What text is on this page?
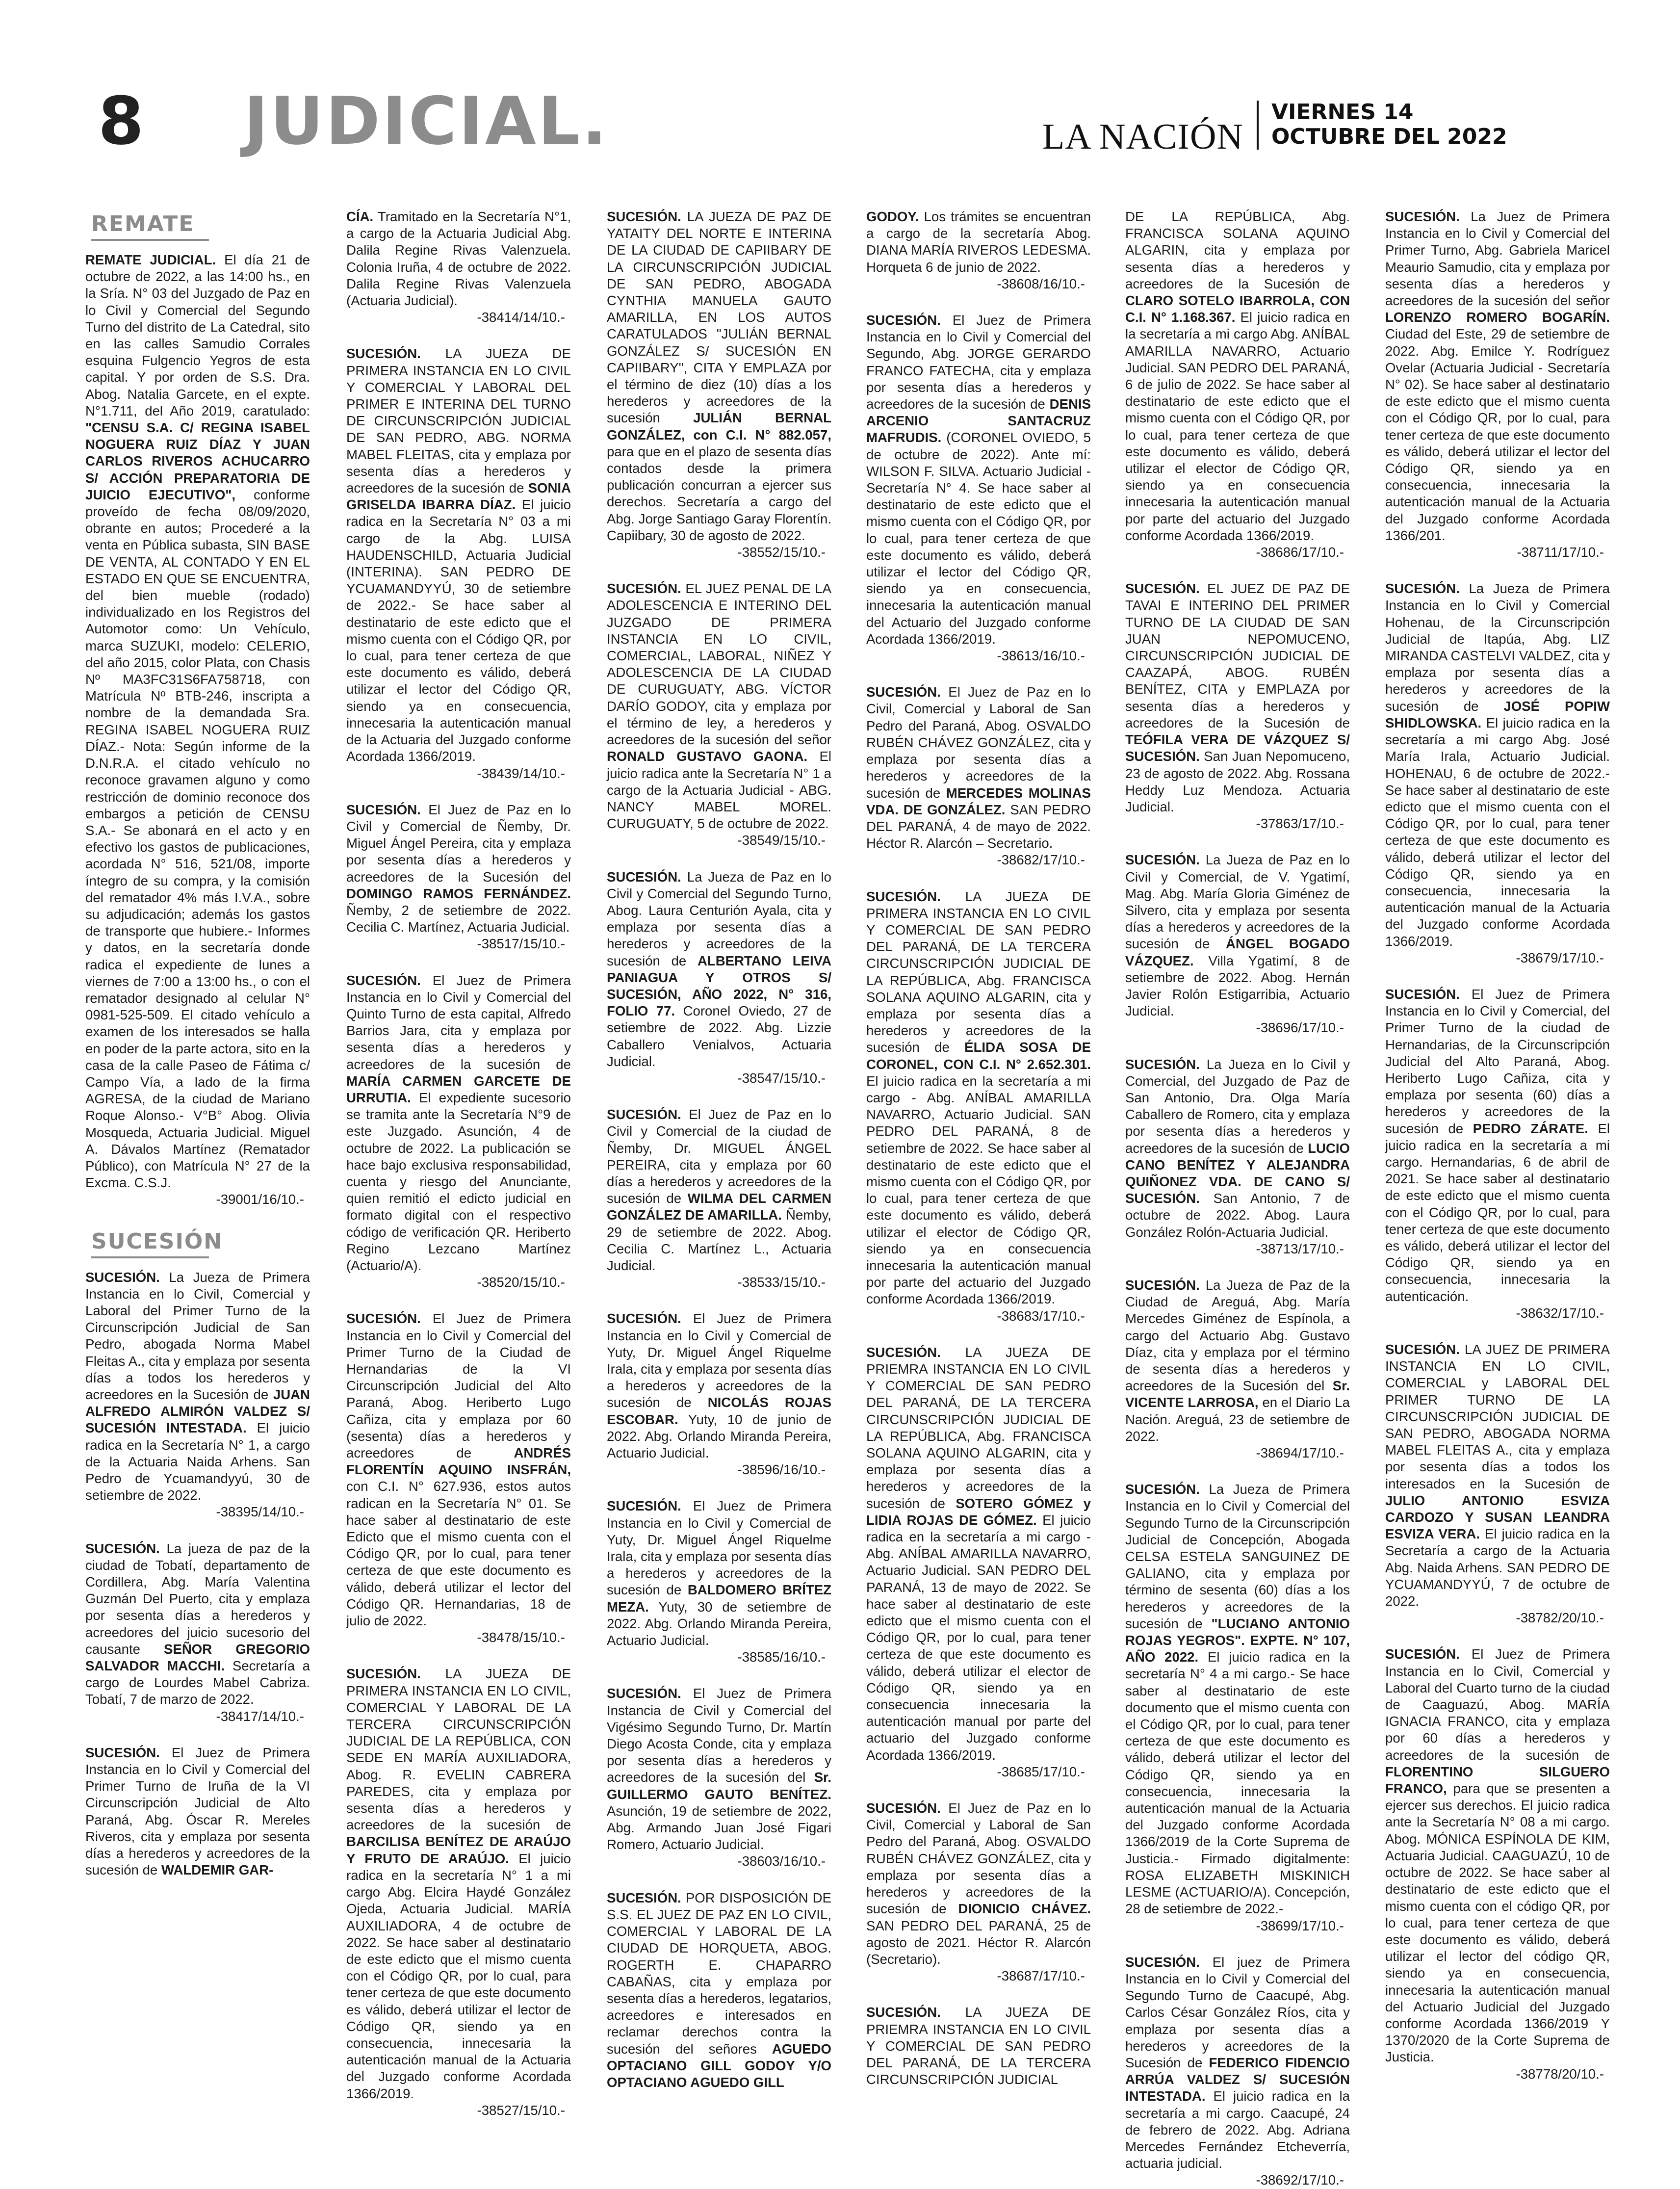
8 JUDICIAL.	LA NACIÓN
VIERNES 14
OCTUBRE DEL 2022
REMATE

REMATE JUDICIAL. El día 21 de octubre de 2022, a las 14:00 hs., en la Sría. N° 03 del Juzgado de Paz en lo Civil y Comercial del Segundo Turno del distrito de La Catedral, sito en las calles Samudio Corrales esquina Fulgencio Yegros de esta capital. Y por orden de S.S. Dra. Abog. Natalia Garcete, en el expte. N°1.711, del Año 2019, caratulado: "CENSU S.A. C/ REGINA ISABEL NOGUERA RUIZ DÍAZ Y JUAN CARLOS RIVEROS ACHUCARRO S/ ACCIÓN PREPARATORIA DE JUICIO EJECUTIVO", conforme proveído de fecha 08/09/2020, obrante en autos; Procederé a la venta en Pública subasta, SIN BASE DE VENTA, AL CONTADO Y EN EL ESTADO EN QUE SE ENCUENTRA, del bien mueble (rodado) individualizado en los Registros del Automotor como: Un Vehículo, marca SUZUKI, modelo: CELERIO, del año 2015, color Plata, con Chasis Nº MA3FC31S6FA758718, con Matrícula Nº BTB-246, inscripta a nombre de la demandada Sra. REGINA ISABEL NOGUERA RUIZ DÍAZ.- Nota: Según informe de la D.N.R.A. el citado vehículo no reconoce gravamen alguno y como restricción de dominio reconoce dos embargos a petición de CENSU S.A.- Se abonará en el acto y en efectivo los gastos de publicaciones, acordada N° 516, 521/08, importe íntegro de su compra, y la comisión del rematador 4% más I.V.A., sobre su adjudicación; además los gastos de transporte que hubiere.- Informes y datos, en la secretaría donde radica el expediente de lunes a viernes de 7:00 a 13:00 hs., o con el rematador designado al celular N° 0981-525-509. El citado vehículo a examen de los interesados se halla en poder de la parte actora, sito en la casa de la calle Paseo de Fátima c/ Campo Vía, a lado de la firma AGRESA, de la ciudad de Mariano Roque Alonso.- V°B° Abog. Olivia Mosqueda, Actuaria Judicial. Miguel A. Dávalos Martínez (Rematador Público), con Matrícula N° 27 de la Excma. C.S.J.
-39001/16/10.-

SUCESIÓN

SUCESIÓN. La Jueza de Primera Instancia en lo Civil, Comercial y Laboral del Primer Turno de la Circunscripción Judicial de San Pedro, abogada Norma Mabel Fleitas A., cita y emplaza por sesenta días a todos los herederos y acreedores en la Sucesión de JUAN ALFREDO ALMIRÓN VALDEZ S/ SUCESIÓN INTESTADA. El juicio radica en la Secretaría N° 1, a cargo de la Actuaria Naida Arhens. San Pedro de Ycuamandyyú, 30 de setiembre de 2022.
-38395/14/10.-

SUCESIÓN. La jueza de paz de la ciudad de Tobatí, departamento de Cordillera, Abg. María Valentina Guzmán Del Puerto, cita y emplaza por sesenta días a herederos y acreedores del juicio sucesorio del causante SEÑOR GREGORIO SALVADOR MACCHI. Secretaría a cargo de Lourdes Mabel Cabriza. Tobatí, 7 de marzo de 2022.
-38417/14/10.-

SUCESIÓN. El Juez de Primera Instancia en lo Civil y Comercial del Primer Turno de Iruña de la VI Circunscripción Judicial de Alto Paraná, Abg. Óscar R. Mereles Riveros, cita y emplaza por sesenta días a herederos y acreedores de la sucesión de WALDEMIR GAR-

CÍA. Tramitado en la Secretaría N°1, a cargo de la Actuaria Judicial Abg. Dalila Regine Rivas Valenzuela. Colonia Iruña, 4 de octubre de 2022. Dalila Regine Rivas Valenzuela (Actuaria Judicial).
-38414/14/10.-

SUCESIÓN. LA JUEZA DE PRIMERA INSTANCIA EN LO CIVIL Y COMERCIAL Y LABORAL DEL PRIMER E INTERINA DEL TURNO DE CIRCUNSCRIPCIÓN JUDICIAL DE SAN PEDRO, ABG. NORMA MABEL FLEITAS, cita y emplaza por sesenta días a herederos y acreedores de la sucesión de SONIA GRISELDA IBARRA DÍAZ. El juicio radica en la Secretaría N° 03 a mi cargo de la Abg. LUISA HAUDENSCHILD, Actuaria Judicial (INTERINA). SAN PEDRO DE YCUAMANDYYÚ, 30 de setiembre de 2022.- Se hace saber al destinatario de este edicto que el mismo cuenta con el Código QR, por lo cual, para tener certeza de que este documento es válido, deberá utilizar el lector del Código QR, siendo ya en consecuencia, innecesaria la autenticación manual de la Actuaria del Juzgado conforme Acordada 1366/2019.
-38439/14/10.-

SUCESIÓN. El Juez de Paz en lo Civil y Comercial de Ñemby, Dr. Miguel Ángel Pereira, cita y emplaza por sesenta días a herederos y acreedores de la Sucesión del DOMINGO RAMOS FERNÁNDEZ. Ñemby, 2 de setiembre de 2022. Cecilia C. Martínez, Actuaria Judicial.
-38517/15/10.-

SUCESIÓN. El Juez de Primera Instancia en lo Civil y Comercial del Quinto Turno de esta capital, Alfredo Barrios Jara, cita y emplaza por sesenta días a herederos y acreedores de la sucesión de MARÍA CARMEN GARCETE DE URRUTIA. El expediente sucesorio se tramita ante la Secretaría N°9 de este Juzgado. Asunción, 4 de octubre de 2022. La publicación se hace bajo exclusiva responsabilidad, cuenta y riesgo del Anunciante, quien remitió el edicto judicial en formato digital con el respectivo código de verificación QR. Heriberto Regino Lezcano Martínez (Actuario/A).
-38520/15/10.-

SUCESIÓN. El Juez de Primera Instancia en lo Civil y Comercial del Primer Turno de la Ciudad de Hernandarias de la VI Circunscripción Judicial del Alto Paraná, Abog. Heriberto Lugo Cañiza, cita y emplaza por 60 (sesenta) días a herederos y acreedores de	ANDRÉS FLORENTÍN AQUINO INSFRÁN, con C.I. N° 627.936, estos autos radican en la Secretaría N° 01. Se hace saber al destinatario de este Edicto que el mismo cuenta con el Código QR, por lo cual, para tener certeza de que este documento es válido, deberá utilizar el lector del Código QR. Hernandarias, 18 de julio de 2022.
-38478/15/10.-

SUCESIÓN. LA JUEZA DE PRIMERA INSTANCIA EN LO CIVIL, COMERCIAL Y LABORAL DE LA TERCERA CIRCUNSCRIPCIÓN JUDICIAL DE LA REPÚBLICA, CON SEDE EN MARÍA AUXILIADORA, Abog. R. EVELIN CABRERA PAREDES, cita y emplaza por sesenta días a herederos y acreedores de la sucesión de BARCILISA BENÍTEZ DE ARAÚJO Y FRUTO DE ARAÚJO. El juicio radica en la secretaría N° 1 a mi cargo Abg. Elcira Haydé González Ojeda, Actuaria Judicial. MARÍA AUXILIADORA, 4 de octubre de 2022. Se hace saber al destinatario de este edicto que el mismo cuenta con el Código QR, por lo cual, para tener certeza de que este documento es válido, deberá utilizar el lector de Código QR, siendo ya en consecuencia, innecesaria la autenticación manual de la Actuaria del Juzgado conforme Acordada 1366/2019.
-38527/15/10.-

SUCESIÓN. LA JUEZA DE PAZ DE YATAITY DEL NORTE E INTERINA DE LA CIUDAD DE CAPIIBARY DE LA CIRCUNSCRIPCIÓN JUDICIAL DE SAN PEDRO, ABOGADA CYNTHIA MANUELA GAUTO AMARILLA, EN LOS AUTOS CARATULADOS "JULIÁN BERNAL GONZÁLEZ S/ SUCESIÓN EN CAPIIBARY", CITA Y EMPLAZA por el término de diez (10) días a los herederos y acreedores de la sucesión JULIÁN BERNAL GONZÁLEZ, con C.I. N° 882.057, para que en el plazo de sesenta días contados desde la primera publicación concurran a ejercer sus derechos. Secretaría a cargo del Abg. Jorge Santiago Garay Florentín. Capiibary, 30 de agosto de 2022.
-38552/15/10.-

SUCESIÓN. EL JUEZ PENAL DE LA ADOLESCENCIA E INTERINO DEL JUZGADO DE PRIMERA INSTANCIA EN LO CIVIL, COMERCIAL, LABORAL, NIÑEZ Y ADOLESCENCIA DE LA CIUDAD DE CURUGUATY, ABG. VÍCTOR DARÍO GODOY, cita y emplaza por el término de ley, a herederos y acreedores de la sucesión del señor RONALD GUSTAVO GAONA. El juicio radica ante la Secretaría N° 1 a cargo de la Actuaria Judicial - ABG. NANCY MABEL MOREL. CURUGUATY, 5 de octubre de 2022.
-38549/15/10.-

SUCESIÓN. La Jueza de Paz en lo Civil y Comercial del Segundo Turno, Abog. Laura Centurión Ayala, cita y emplaza por sesenta días a herederos y acreedores de la sucesión de ALBERTANO LEIVA PANIAGUA Y OTROS S/ SUCESIÓN, AÑO 2022, N° 316, FOLIO 77. Coronel Oviedo, 27 de setiembre de 2022. Abg. Lizzie Caballero Venialvos, Actuaria Judicial.
-38547/15/10.-

SUCESIÓN. El Juez de Paz en lo Civil y Comercial de la ciudad de Ñemby, Dr. MIGUEL ÁNGEL PEREIRA, cita y emplaza por 60 días a herederos y acreedores de la sucesión de WILMA DEL CARMEN GONZÁLEZ DE AMARILLA. Ñemby, 29 de setiembre de 2022. Abog. Cecilia C. Martínez L., Actuaria Judicial.
-38533/15/10.-

SUCESIÓN. El Juez de Primera Instancia en lo Civil y Comercial de Yuty, Dr. Miguel Ángel Riquelme Irala, cita y emplaza por sesenta días a herederos y acreedores de la sucesión de NICOLÁS ROJAS ESCOBAR. Yuty, 10 de junio de 2022. Abg. Orlando Miranda Pereira, Actuario Judicial.
-38596/16/10.-

SUCESIÓN. El Juez de Primera Instancia en lo Civil y Comercial de Yuty, Dr. Miguel Ángel Riquelme Irala, cita y emplaza por sesenta días a herederos y acreedores de la sucesión de BALDOMERO BRÍTEZ MEZA. Yuty, 30 de setiembre de 2022. Abg. Orlando Miranda Pereira, Actuario Judicial.
-38585/16/10.-

SUCESIÓN. El Juez de Primera Instancia de Civil y Comercial del Vigésimo Segundo Turno, Dr. Martín Diego Acosta Conde, cita y emplaza por sesenta días a herederos y acreedores de la sucesión del Sr. GUILLERMO GAUTO BENÍTEZ. Asunción, 19 de setiembre de 2022, Abg. Armando Juan José Figari Romero, Actuario Judicial.
-38603/16/10.-

SUCESIÓN. POR DISPOSICIÓN DE S.S. EL JUEZ DE PAZ EN LO CIVIL, COMERCIAL Y LABORAL DE LA CIUDAD DE HORQUETA, ABOG. ROGERTH E. CHAPARRO CABAÑAS, cita y emplaza por sesenta días a herederos, legatarios, acreedores e interesados en reclamar derechos contra la sucesión del señores AGUEDO OPTACIANO GILL GODOY Y/O OPTACIANO AGUEDO GILL

GODOY. Los trámites se encuentran a cargo de la secretaría Abog. DIANA MARÍA RIVEROS LEDESMA. Horqueta 6 de junio de 2022.
-38608/16/10.-

SUCESIÓN. El Juez de Primera Instancia en lo Civil y Comercial del Segundo, Abg. JORGE GERARDO FRANCO FATECHA, cita y emplaza por sesenta días a herederos y acreedores de la sucesión de DENIS ARCENIO SANTACRUZ MAFRUDIS. (CORONEL OVIEDO, 5 de octubre de 2022). Ante mí: WILSON F. SILVA. Actuario Judicial - Secretaría N° 4. Se hace saber al destinatario de este edicto que el mismo cuenta con el Código QR, por lo cual, para tener certeza de que este documento es válido, deberá utilizar el lector del Código QR, siendo ya en consecuencia, innecesaria la autenticación manual del Actuario del Juzgado conforme Acordada 1366/2019.
-38613/16/10.-

SUCESIÓN. El Juez de Paz en lo Civil, Comercial y Laboral de San Pedro del Paraná, Abog. OSVALDO RUBÉN CHÁVEZ GONZÁLEZ, cita y emplaza por sesenta días a herederos y acreedores de la sucesión de MERCEDES MOLINAS VDA. DE GONZÁLEZ. SAN PEDRO DEL PARANÁ, 4 de mayo de 2022. Héctor R. Alarcón – Secretario.
-38682/17/10.-

SUCESIÓN. LA JUEZA DE PRIMERA INSTANCIA EN LO CIVIL Y COMERCIAL DE SAN PEDRO DEL PARANÁ, DE LA TERCERA CIRCUNSCRIPCIÓN JUDICIAL DE LA REPÚBLICA, Abg. FRANCISCA SOLANA AQUINO ALGARIN, cita y emplaza por sesenta días a herederos y acreedores de la sucesión de ÉLIDA SOSA DE CORONEL, CON C.I. N° 2.652.301. El juicio radica en la secretaría a mi cargo - Abg. ANÍBAL AMARILLA NAVARRO, Actuario Judicial. SAN PEDRO DEL PARANÁ, 8 de setiembre de 2022. Se hace saber al destinatario de este edicto que el mismo cuenta con el Código QR, por lo cual, para tener certeza de que este documento es válido, deberá utilizar el elector de Código QR, siendo ya en consecuencia innecesaria la autenticación manual por parte del actuario del Juzgado conforme Acordada 1366/2019.
-38683/17/10.-

SUCESIÓN. LA JUEZA DE PRIEMRA INSTANCIA EN LO CIVIL Y COMERCIAL DE SAN PEDRO DEL PARANÁ, DE LA TERCERA CIRCUNSCRIPCIÓN JUDICIAL DE LA REPÚBLICA, Abg. FRANCISCA SOLANA AQUINO ALGARIN, cita y emplaza por sesenta días a herederos y acreedores de la sucesión de SOTERO GÓMEZ y LIDIA ROJAS DE GÓMEZ. El juicio radica en la secretaría a mi cargo - Abg. ANÍBAL AMARILLA NAVARRO, Actuario Judicial. SAN PEDRO DEL PARANÁ, 13 de mayo de 2022. Se hace saber al destinatario de este edicto que el mismo cuenta con el Código QR, por lo cual, para tener certeza de que este documento es válido, deberá utilizar el elector de Código QR, siendo ya en consecuencia innecesaria la autenticación manual por parte del actuario del Juzgado conforme Acordada 1366/2019.
-38685/17/10.-

SUCESIÓN. El Juez de Paz en lo Civil, Comercial y Laboral de San Pedro del Paraná, Abog. OSVALDO RUBÉN CHÁVEZ GONZÁLEZ, cita y emplaza por sesenta días a herederos y acreedores de la sucesión de DIONICIO CHÁVEZ. SAN PEDRO DEL PARANÁ, 25 de agosto de 2021. Héctor R. Alarcón (Secretario).
-38687/17/10.-

SUCESIÓN. LA JUEZA DE PRIEMRA INSTANCIA EN LO CIVIL Y COMERCIAL DE SAN PEDRO DEL PARANÁ, DE LA TERCERA CIRCUNSCRIPCIÓN JUDICIAL

DE LA REPÚBLICA, Abg. FRANCISCA SOLANA AQUINO ALGARIN, cita y emplaza por sesenta días a herederos y acreedores de la Sucesión de CLARO SOTELO IBARROLA, CON C.I. N° 1.168.367. El juicio radica en la secretaría a mi cargo Abg. ANÍBAL AMARILLA NAVARRO, Actuario Judicial. SAN PEDRO DEL PARANÁ, 6 de julio de 2022. Se hace saber al destinatario de este edicto que el mismo cuenta con el Código QR, por lo cual, para tener certeza de que este documento es válido, deberá utilizar el elector de Código QR, siendo ya en consecuencia innecesaria la autenticación manual por parte del actuario del Juzgado conforme Acordada 1366/2019.
-38686/17/10.-

SUCESIÓN. EL JUEZ DE PAZ DE TAVAI E INTERINO DEL PRIMER TURNO DE LA CIUDAD DE SAN JUAN NEPOMUCENO, CIRCUNSCRIPCIÓN JUDICIAL DE CAAZAPÁ, ABOG. RUBÉN BENÍTEZ, CITA y EMPLAZA por sesenta días a herederos y acreedores de la Sucesión de TEÓFILA VERA DE VÁZQUEZ S/ SUCESIÓN. San Juan Nepomuceno, 23 de agosto de 2022. Abg. Rossana Heddy Luz Mendoza. Actuaria Judicial.
-37863/17/10.-

SUCESIÓN. La Jueza de Paz en lo Civil y Comercial, de V. Ygatimí, Mag. Abg. María Gloria Giménez de Silvero, cita y emplaza por sesenta días a herederos y acreedores de la sucesión de ÁNGEL BOGADO VÁZQUEZ. Villa Ygatimí, 8 de setiembre de 2022. Abog. Hernán Javier Rolón Estigarribia, Actuario Judicial.
-38696/17/10.-

SUCESIÓN. La Jueza en lo Civil y Comercial, del Juzgado de Paz de San Antonio, Dra. Olga María Caballero de Romero, cita y emplaza por sesenta días a herederos y acreedores de la sucesión de LUCIO CANO BENÍTEZ Y ALEJANDRA QUIÑONEZ VDA. DE CANO S/ SUCESIÓN. San Antonio, 7 de octubre de 2022. Abog. Laura González Rolón-Actuaria Judicial.
-38713/17/10.-

SUCESIÓN. La Jueza de Paz de la Ciudad de Areguá, Abg. María Mercedes Giménez de Espínola, a cargo del Actuario Abg. Gustavo Díaz, cita y emplaza por el término de sesenta días a herederos y acreedores de la Sucesión del Sr. VICENTE LARROSA, en el Diario La Nación. Areguá, 23 de setiembre de 2022.
-38694/17/10.-

SUCESIÓN. La Jueza de Primera Instancia en lo Civil y Comercial del Segundo Turno de la Circunscripción Judicial de Concepción, Abogada CELSA ESTELA SANGUINEZ DE GALIANO, cita y emplaza por término de sesenta (60) días a los herederos y acreedores de la sucesión de "LUCIANO ANTONIO ROJAS YEGROS". EXPTE. N° 107, AÑO 2022. El juicio radica en la secretaría N° 4 a mi cargo.- Se hace saber al destinatario de este documento que el mismo cuenta con el Código QR, por lo cual, para tener certeza de que este documento es válido, deberá utilizar el lector del Código QR, siendo ya en consecuencia, innecesaria la autenticación manual de la Actuaria del Juzgado conforme Acordada 1366/2019 de la Corte Suprema de Justicia.- Firmado digitalmente: ROSA ELIZABETH MISKINICH LESME (ACTUARIO/A). Concepción, 28 de setiembre de 2022.-
-38699/17/10.-

SUCESIÓN. El juez de Primera Instancia en lo Civil y Comercial del Segundo Turno de Caacupé, Abg. Carlos César González Ríos, cita y emplaza por sesenta días a herederos y acreedores de la Sucesión de FEDERICO FIDENCIO ARRÚA VALDEZ S/ SUCESIÓN INTESTADA. El juicio radica en la secretaría a mi cargo. Caacupé, 24 de febrero de 2022. Abg. Adriana Mercedes Fernández Etcheverría, actuaria judicial.
-38692/17/10.-

SUCESIÓN. La Juez de Primera Instancia en lo Civil y Comercial del Primer Turno, Abg. Gabriela Maricel Meaurio Samudio, cita y emplaza por sesenta días a herederos y acreedores de la sucesión del señor LORENZO ROMERO BOGARÍN. Ciudad del Este, 29 de setiembre de 2022. Abg. Emilce Y. Rodríguez Ovelar (Actuaria Judicial - Secretaría N° 02). Se hace saber al destinatario de este edicto que el mismo cuenta con el Código QR, por lo cual, para tener certeza de que este documento es válido, deberá utilizar el lector del Código QR, siendo ya en consecuencia, innecesaria la autenticación manual de la Actuaria del Juzgado conforme Acordada 1366/201.
-38711/17/10.-

SUCESIÓN. La Jueza de Primera Instancia en lo Civil y Comercial Hohenau, de la Circunscripción Judicial de Itapúa, Abg. LIZ MIRANDA CASTELVI VALDEZ, cita y emplaza por sesenta días a herederos y acreedores de la sucesión de JOSÉ POPIW SHIDLOWSKA. El juicio radica en la secretaría a mi cargo Abg. José María Irala, Actuario Judicial. HOHENAU, 6 de octubre de 2022.- Se hace saber al destinatario de este edicto que el mismo cuenta con el Código QR, por lo cual, para tener certeza de que este documento es válido, deberá utilizar el lector del Código QR, siendo ya en consecuencia, innecesaria la autenticación manual de la Actuaria del Juzgado conforme Acordada 1366/2019.
-38679/17/10.-

SUCESIÓN. El Juez de Primera Instancia en lo Civil y Comercial, del Primer Turno de la ciudad de Hernandarias, de la Circunscripción Judicial del Alto Paraná, Abog. Heriberto Lugo Cañiza, cita y emplaza por sesenta (60) días a herederos y acreedores de la sucesión de PEDRO ZÁRATE. El juicio radica en la secretaría a mi cargo. Hernandarias, 6 de abril de 2021. Se hace saber al destinatario de este edicto que el mismo cuenta con el Código QR, por lo cual, para tener certeza de que este documento es válido, deberá utilizar el lector del Código QR, siendo ya en consecuencia, innecesaria la autenticación.
-38632/17/10.-

SUCESIÓN. LA JUEZ DE PRIMERA INSTANCIA EN LO CIVIL, COMERCIAL y LABORAL DEL PRIMER TURNO DE LA CIRCUNSCRIPCIÓN JUDICIAL DE SAN PEDRO, ABOGADA NORMA MABEL FLEITAS A., cita y emplaza por sesenta días a todos los interesados en la Sucesión de JULIO ANTONIO ESVIZA CARDOZO Y SUSAN LEANDRA ESVIZA VERA. El juicio radica en la Secretaría a cargo de la Actuaria Abg. Naida Arhens. SAN PEDRO DE YCUAMANDYYÚ, 7 de octubre de 2022.
-38782/20/10.-

SUCESIÓN. El Juez de Primera Instancia en lo Civil, Comercial y Laboral del Cuarto turno de la ciudad de Caaguazú, Abog. MARÍA IGNACIA FRANCO, cita y emplaza por 60 días a herederos y acreedores de la sucesión de FLORENTINO SILGUERO FRANCO, para que se presenten a ejercer sus derechos. El juicio radica ante la Secretaría N° 08 a mi cargo. Abog. MÓNICA ESPÍNOLA DE KIM, Actuaria Judicial. CAAGUAZÚ, 10 de octubre de 2022. Se hace saber al destinatario de este edicto que el mismo cuenta con el código QR, por lo cual, para tener certeza de que este documento es válido, deberá utilizar el lector del código QR, siendo ya en consecuencia, innecesaria la autenticación manual del Actuario Judicial del Juzgado conforme Acordada 1366/2019 Y 1370/2020 de la Corte Suprema de Justicia.
-38778/20/10.-
